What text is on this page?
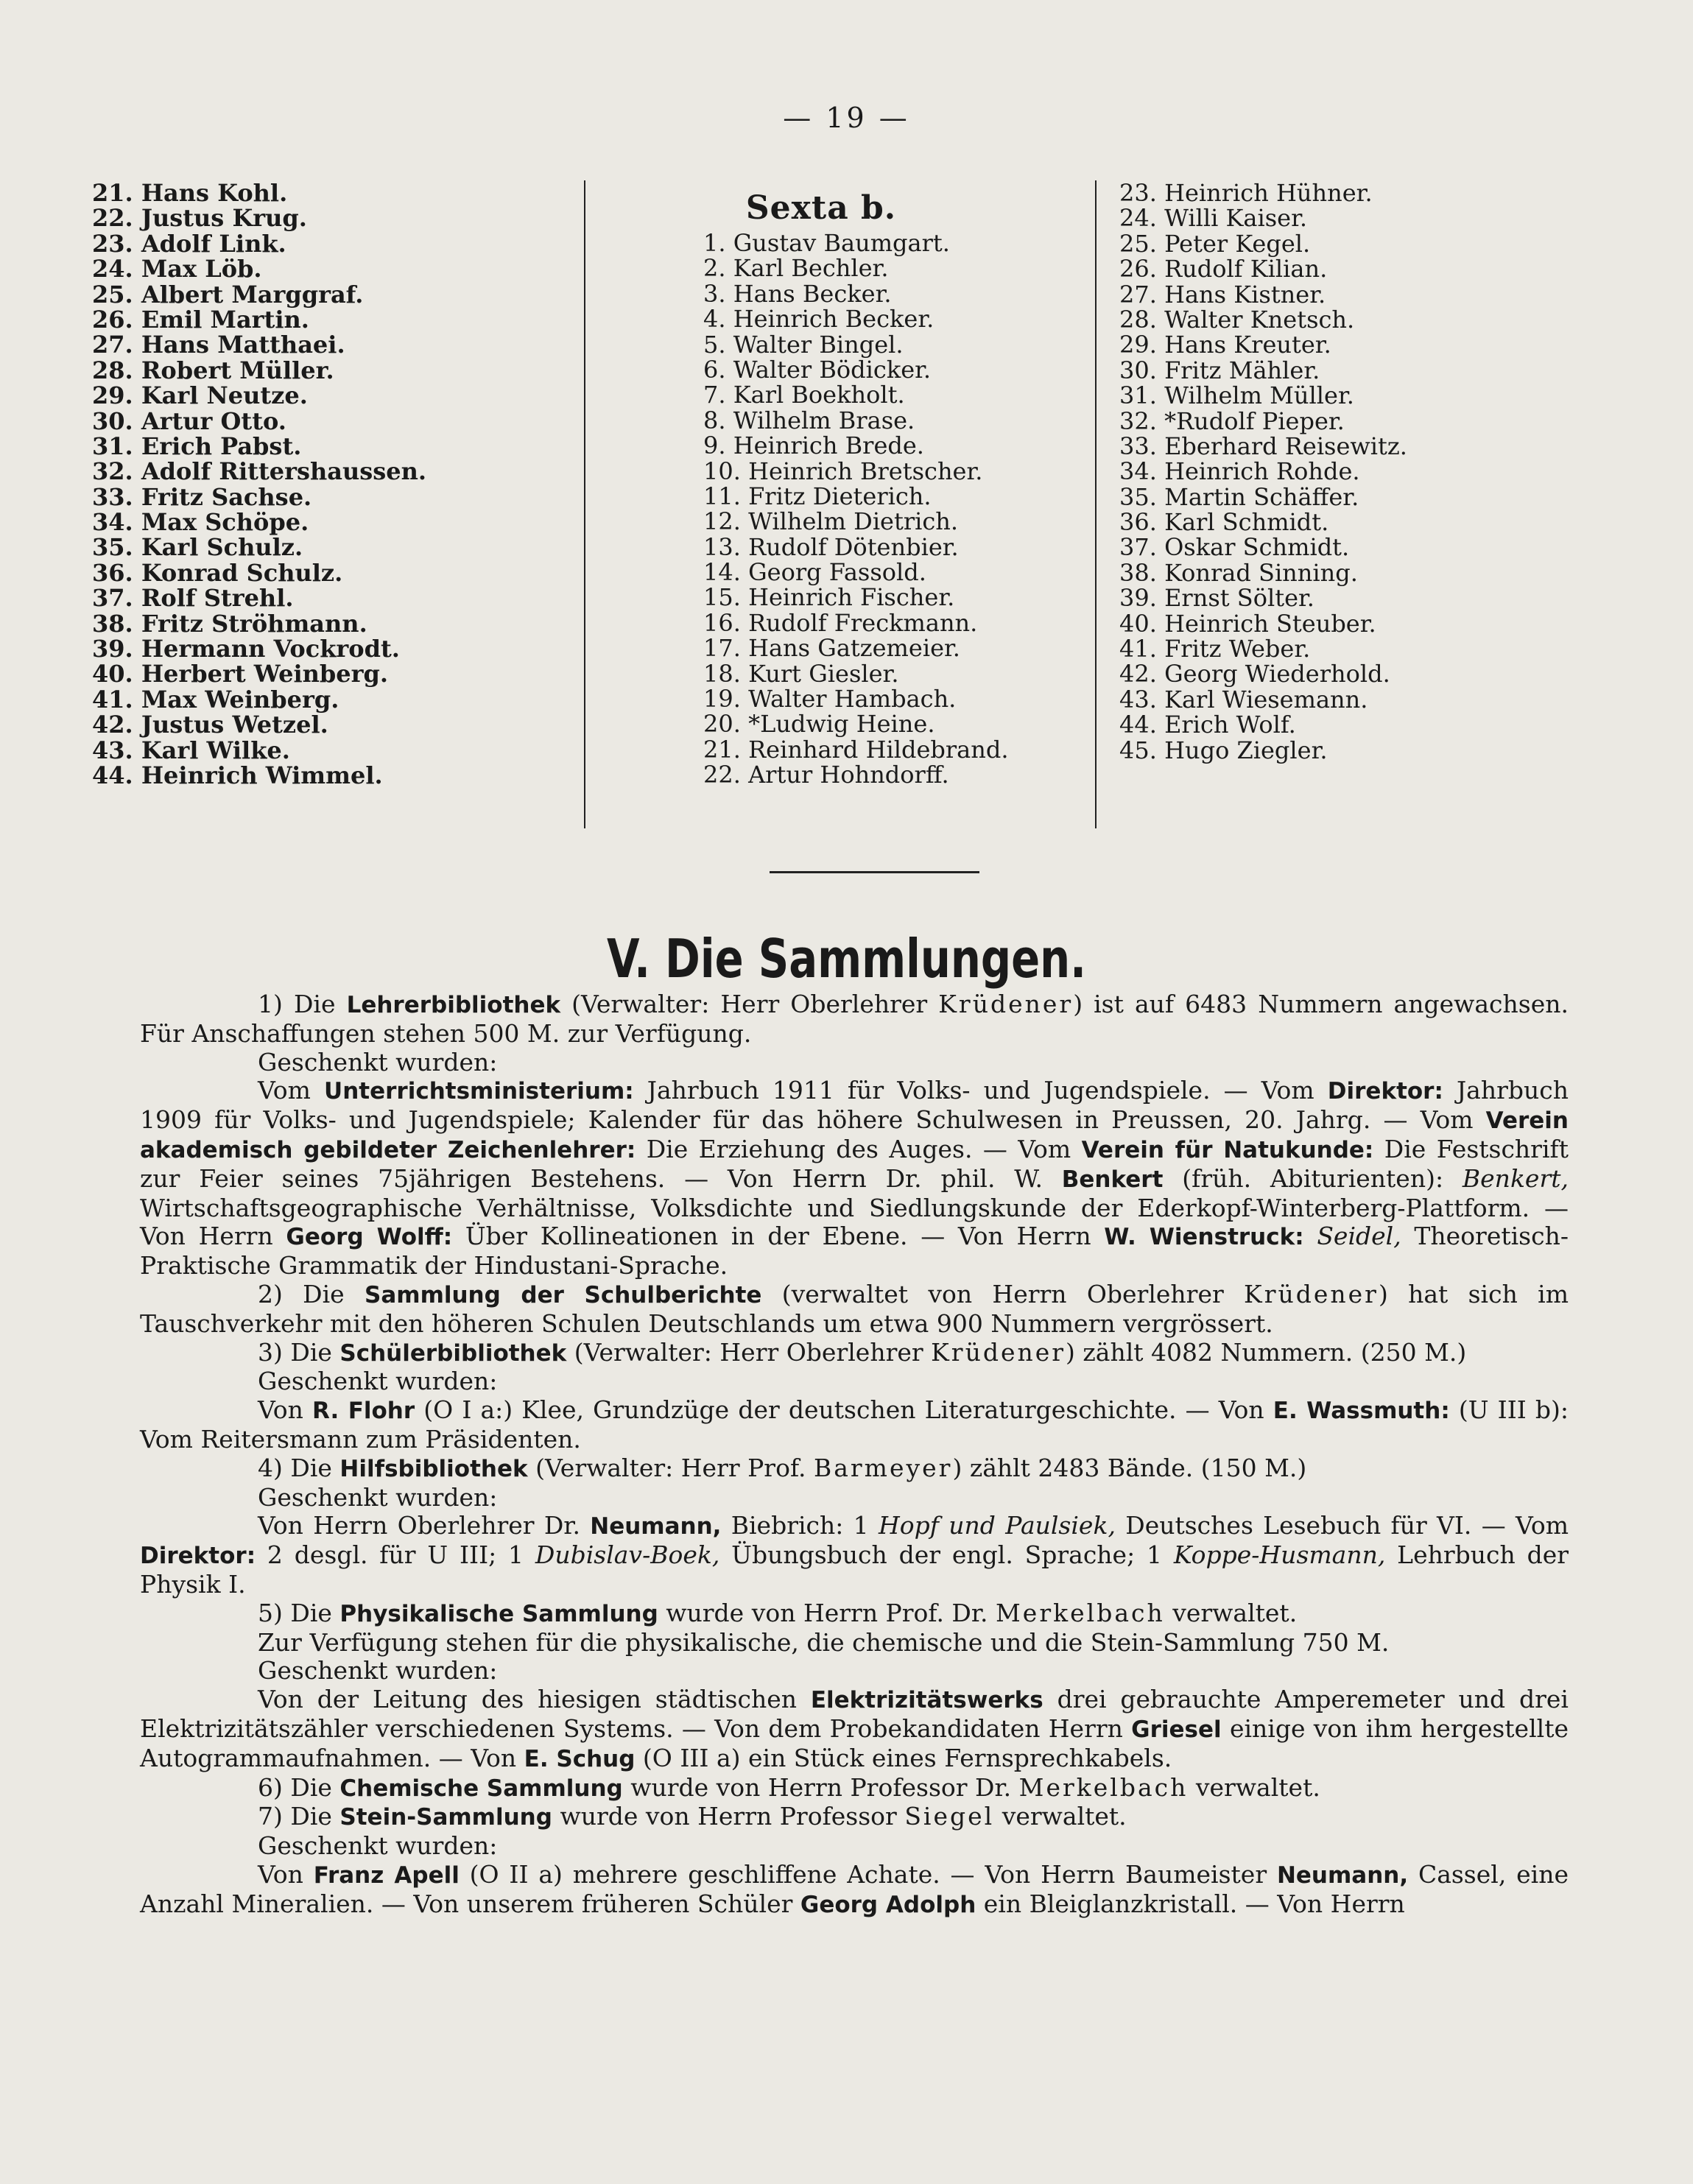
— 19 —
21. Hans Kohl.
22. Justus Krug.
23. Adolf Link.
24. Max Löb.
25. Albert Marggraf.
26. Emil Martin.
27. Hans Matthaei.
28. Robert Müller.
29. Karl Neutze.
30. Artur Otto.
31. Erich Pabst.
32. Adolf Rittershaussen.
33. Fritz Sachse.
34. Max Schöpe.
35. Karl Schulz.
36. Konrad Schulz.
37. Rolf Strehl.
38. Fritz Ströhmann.
39. Hermann Vockrodt.
40. Herbert Weinberg.
41. Max Weinberg.
42. Justus Wetzel.
43. Karl Wilke.
44. Heinrich Wimmel.
Sexta b.
1. Gustav Baumgart.
2. Karl Bechler.
3. Hans Becker.
4. Heinrich Becker.
5. Walter Bingel.
6. Walter Bödicker.
7. Karl Boekholt.
8. Wilhelm Brase.
9. Heinrich Brede.
10. Heinrich Bretscher.
11. Fritz Dieterich.
12. Wilhelm Dietrich.
13. Rudolf Dötenbier.
14. Georg Fassold.
15. Heinrich Fischer.
16. Rudolf Freckmann.
17. Hans Gatzemeier.
18. Kurt Giesler.
19. Walter Hambach.
20. *Ludwig Heine.
21. Reinhard Hildebrand.
22. Artur Hohndorff.
23. Heinrich Hühner.
24. Willi Kaiser.
25. Peter Kegel.
26. Rudolf Kilian.
27. Hans Kistner.
28. Walter Knetsch.
29. Hans Kreuter.
30. Fritz Mähler.
31. Wilhelm Müller.
32. *Rudolf Pieper.
33. Eberhard Reisewitz.
34. Heinrich Rohde.
35. Martin Schäffer.
36. Karl Schmidt.
37. Oskar Schmidt.
38. Konrad Sinning.
39. Ernst Sölter.
40. Heinrich Steuber.
41. Fritz Weber.
42. Georg Wiederhold.
43. Karl Wiesemann.
44. Erich Wolf.
45. Hugo Ziegler.
V. Die Sammlungen.

1) Die Lehrerbibliothek (Verwalter: Herr Oberlehrer Krüdener) ist auf 6483 Nummern angewachsen. Für Anschaffungen stehen 500 M. zur Verfügung.

Geschenkt wurden:

Vom Unterrichtsministerium: Jahrbuch 1911 für Volks- und Jugendspiele. — Vom Direktor: Jahrbuch 1909 für Volks- und Jugendspiele; Kalender für das höhere Schulwesen in Preussen, 20. Jahrg. — Vom Verein akademisch gebildeter Zeichenlehrer: Die Erziehung des Auges. — Vom Verein für Natukunde: Die Festschrift zur Feier seines 75jährigen Bestehens. — Von Herrn Dr. phil. W. Benkert (früh. Abiturienten): Benkert, Wirtschaftsgeographische Verhältnisse, Volksdichte und Siedlungskunde der Ederkopf-Winterberg-Plattform. — Von Herrn Georg Wolff: Über Kollineationen in der Ebene. — Von Herrn W. Wienstruck: Seidel, Theoretisch-Praktische Grammatik der Hindustani-Sprache.

2) Die Sammlung der Schulberichte (verwaltet von Herrn Oberlehrer Krüdener) hat sich im Tauschverkehr mit den höheren Schulen Deutschlands um etwa 900 Nummern vergrössert.

3) Die Schülerbibliothek (Verwalter: Herr Oberlehrer Krüdener) zählt 4082 Nummern. (250 M.)

Geschenkt wurden:

Von R. Flohr (O I a:) Klee, Grundzüge der deutschen Literaturgeschichte. — Von E. Wassmuth: (U III b): Vom Reitersmann zum Präsidenten.

4) Die Hilfsbibliothek (Verwalter: Herr Prof. Barmeyer) zählt 2483 Bände. (150 M.)

Geschenkt wurden:

Von Herrn Oberlehrer Dr. Neumann, Biebrich: 1 Hopf und Paulsiek, Deutsches Lesebuch für VI. — Vom Direktor: 2 desgl. für U III; 1 Dubislav-Boek, Übungsbuch der engl. Sprache; 1 Koppe-Husmann, Lehrbuch der Physik I.

5) Die Physikalische Sammlung wurde von Herrn Prof. Dr. Merkelbach verwaltet.

Zur Verfügung stehen für die physikalische, die chemische und die Stein-Sammlung 750 M.

Geschenkt wurden:

Von der Leitung des hiesigen städtischen Elektrizitätswerks drei gebrauchte Amperemeter und drei Elektrizitätszähler verschiedenen Systems. — Von dem Probekandidaten Herrn Griesel einige von ihm hergestellte Autogrammaufnahmen. — Von E. Schug (O III a) ein Stück eines Fernsprechkabels.

6) Die Chemische Sammlung wurde von Herrn Professor Dr. Merkelbach verwaltet.

7) Die Stein-Sammlung wurde von Herrn Professor Siegel verwaltet.

Geschenkt wurden:

Von Franz Apell (O II a) mehrere geschliffene Achate. — Von Herrn Baumeister Neumann, Cassel, eine Anzahl Mineralien. — Von unserem früheren Schüler Georg Adolph ein Bleiglanzkristall. — Von Herrn
